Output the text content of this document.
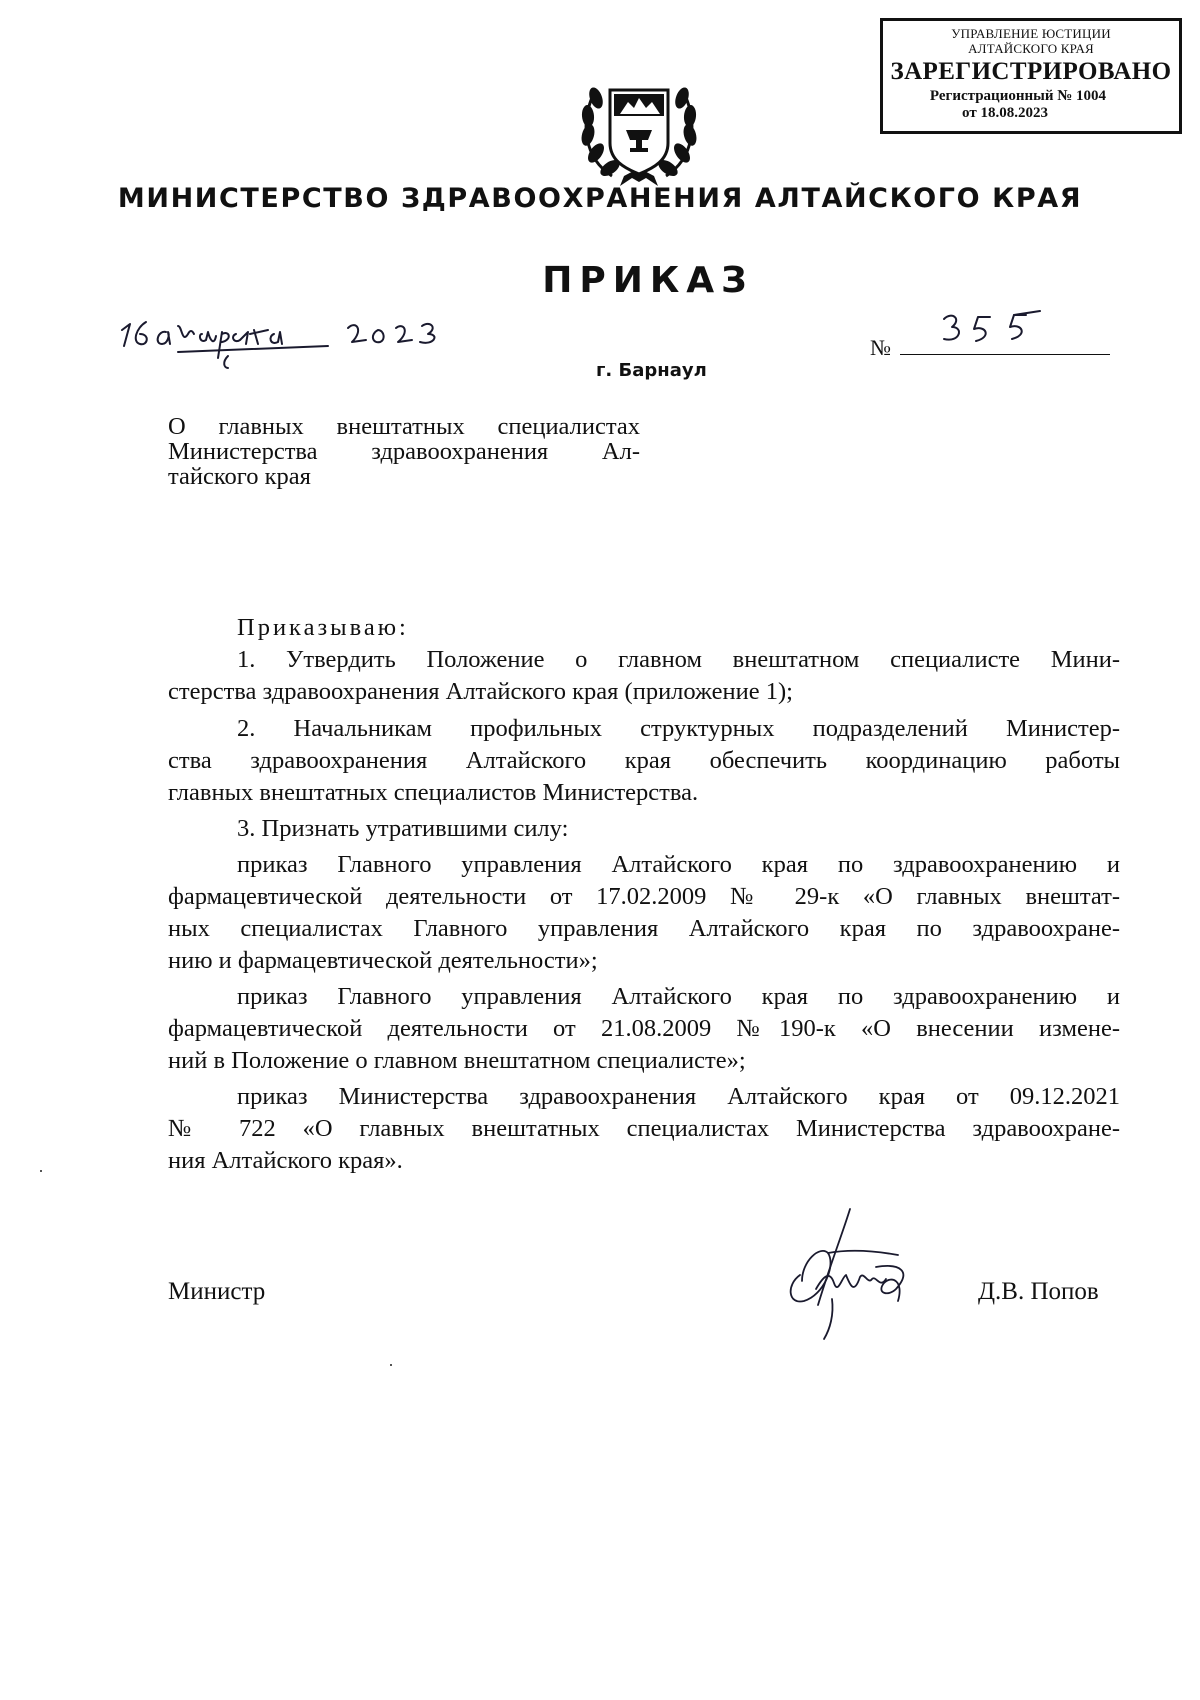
УПРАВЛЕНИЕ ЮСТИЦИИ
АЛТАЙСКОГО КРАЯ
ЗАРЕГИСТРИРОВАНО
Регистрационный № 1004
от 18.08.2023
МИНИСТЕРСТВО ЗДРАВООХРАНЕНИЯ АЛТАЙСКОГО КРАЯ
ПРИКАЗ
16 августа 2023
№
355
г. Барнаул
О главных внештатных специалистах
Министерства здравоохранения Ал-
тайского края
Приказываю:
1. Утвердить Положение о главном внештатном специалисте Мини-
стерства здравоохранения Алтайского края (приложение 1);
2. Начальникам профильных структурных подразделений Министер-
ства здравоохранения Алтайского края обеспечить координацию работы
главных внештатных специалистов Министерства.
3. Признать утратившими силу:
приказ Главного управления Алтайского края по здравоохранению и
фармацевтической деятельности от 17.02.2009 № 29-к «О главных внештат-
ных специалистах Главного управления Алтайского края по здравоохране-
нию и фармацевтической деятельности»;
приказ Главного управления Алтайского края по здравоохранению и
фармацевтической деятельности от 21.08.2009 №190-к «О внесении измене-
ний в Положение о главном внештатном специалисте»;
приказ Министерства здравоохранения Алтайского края от 09.12.2021
№ 722 «О главных внештатных специалистах Министерства здравоохране-
ния Алтайского края».
Министр	Д.В. Попов
